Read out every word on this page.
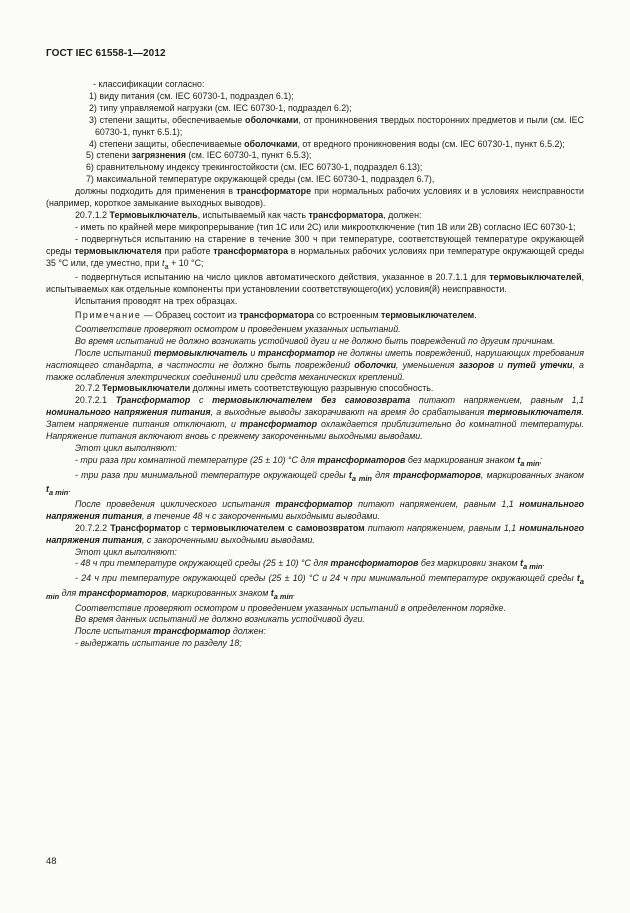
ГОСТ IEC 61558-1—2012

- классификации согласно:

1) виду питания (см. IEC 60730-1, подраздел 6.1);

2) типу управляемой нагрузки (см. IEC 60730-1, подраздел 6.2);

3) степени защиты, обеспечиваемые оболочками, от проникновения твердых посторонних предметов и пыли (см. IEC 60730-1, пункт 6.5.1);

4) степени защиты, обеспечиваемые оболочками, от вредного проникновения воды (см. IEC 60730-1, пункт 6.5.2);

5) степени загрязнения (см. IEC 60730-1, пункт 6.5.3);

6) сравнительному индексу трекингостойкости (см. IEC 60730-1, подраздел 6.13);

7) максимальной температуре окружающей среды (см. IEC 60730-1, подраздел 6.7),

должны подходить для применения в трансформаторе при нормальных рабочих условиях и в условиях неисправности (например, короткое замыкание выходных выводов).

20.7.1.2 Термовыключатель, испытываемый как часть трансформатора, должен:

- иметь по крайней мере микропрерывание (тип 1C или 2C) или микроотключение (тип 1B или 2B) согласно IEC 60730-1;

- подвергнуться испытанию на старение в течение 300 ч при температуре, соответствующей температуре окружающей среды термовыключателя при работе трансформатора в нормальных рабочих условиях при температуре окружающей среды 35 °C или, где уместно, при $t_a + 10$ °C;

- подвергнуться испытанию на число циклов автоматического действия, указанное в 20.7.1.1 для термовыключателей, испытываемых как отдельные компоненты при установлении соответствующего(их) условия(й) неисправности.

Испытания проводят на трех образцах.

Примечание — Образец состоит из трансформатора со встроенным термовыключателем.

Соответствие проверяют осмотром и проведением указанных испытаний.

Во время испытаний не должно возникать устойчивой дуги и не должно быть повреждений по другим причинам.

После испытаний термовыключатель и трансформатор не должны иметь повреждений, нарушающих требования настоящего стандарта, в частности не должно быть повреждений оболочки, уменьшения зазоров и путей утечки, а также ослабления электрических соединений или средств механических креплений.

20.7.2 Термовыключатели должны иметь соответствующую разрывную способность.

20.7.2.1 Трансформатор с термовыключателем без самовозврата питают напряжением, равным 1,1 номинального напряжения питания, а выходные выводы закорачивают на время до срабатывания термовыключателя. Затем напряжение питания отключают, и трансформатор охлаждается приблизительно до комнатной температуры. Напряжение питания включают вновь с прежнему закороченными выходными выводами.

Этот цикл выполняют:

- три раза при комнатной температуре (25 ± 10) °C для трансформаторов без маркирования знаком $t_{a min}$;

- три раза при минимальной температуре окружающей среды $t_{a min}$ для трансформаторов, маркированных знаком $t_{a min}$.

После проведения циклического испытания трансформатор питают напряжением, равным 1,1 номинального напряжения питания, в течение 48 ч с закороченными выходными выводами.

20.7.2.2 Трансформатор с термовыключателем с самовозвратом питают напряжением, равным 1,1 номинального напряжения питания, с закороченными выходными выводами.

Этот цикл выполняют:

- 48 ч при температуре окружающей среды (25 ± 10) °C для трансформаторов без маркировки знаком $t_{a min}$.

- 24 ч при температуре окружающей среды (25 ± 10) °C и 24 ч при минимальной температуре окружающей среды $t_{a min}$ для трансформаторов, маркированных знаком $t_{a min}$.

Соответствие проверяют осмотром и проведением указанных испытаний в определенном порядке.

Во время данных испытаний не должно возникать устойчивой дуги.

После испытания трансформатор должен:

- выдержать испытание по разделу 18;

48
